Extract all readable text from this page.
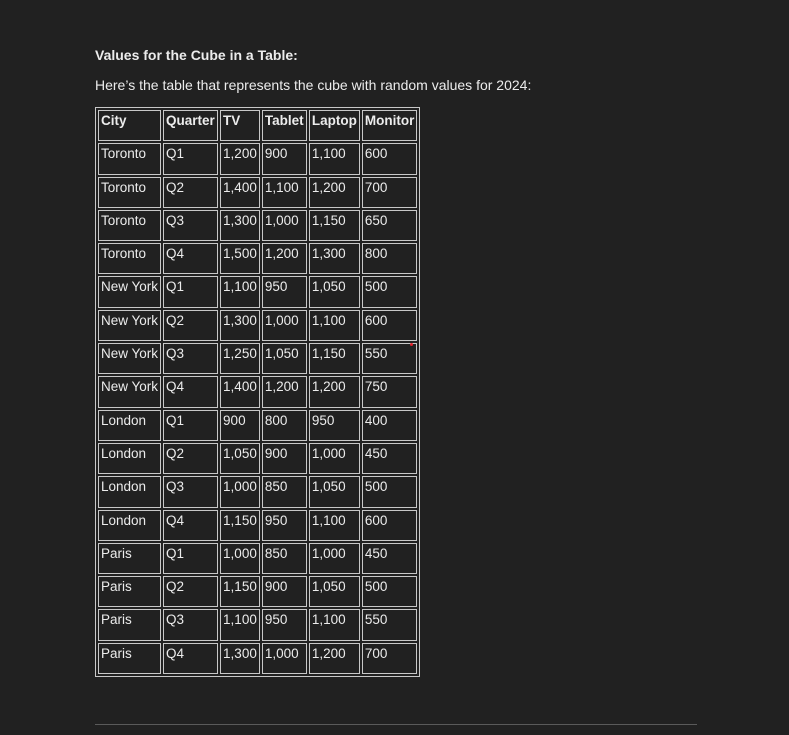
Values for the Cube in a Table:
Here’s the table that represents the cube with random values for 2024:
City	Quarter	TV	Tablet	Laptop	Monitor
Toronto	Q1	1,200	900	1,100	600
Toronto	Q2	1,400	1,100	1,200	700
Toronto	Q3	1,300	1,000	1,150	650
Toronto	Q4	1,500	1,200	1,300	800
New York	Q1	1,100	950	1,050	500
New York	Q2	1,300	1,000	1,100	600
New York	Q3	1,250	1,050	1,150	550
New York	Q4	1,400	1,200	1,200	750
London	Q1	900	800	950	400
London	Q2	1,050	900	1,000	450
London	Q3	1,000	850	1,050	500
London	Q4	1,150	950	1,100	600
Paris	Q1	1,000	850	1,000	450
Paris	Q2	1,150	900	1,050	500
Paris	Q3	1,100	950	1,100	550
Paris	Q4	1,300	1,000	1,200	700
